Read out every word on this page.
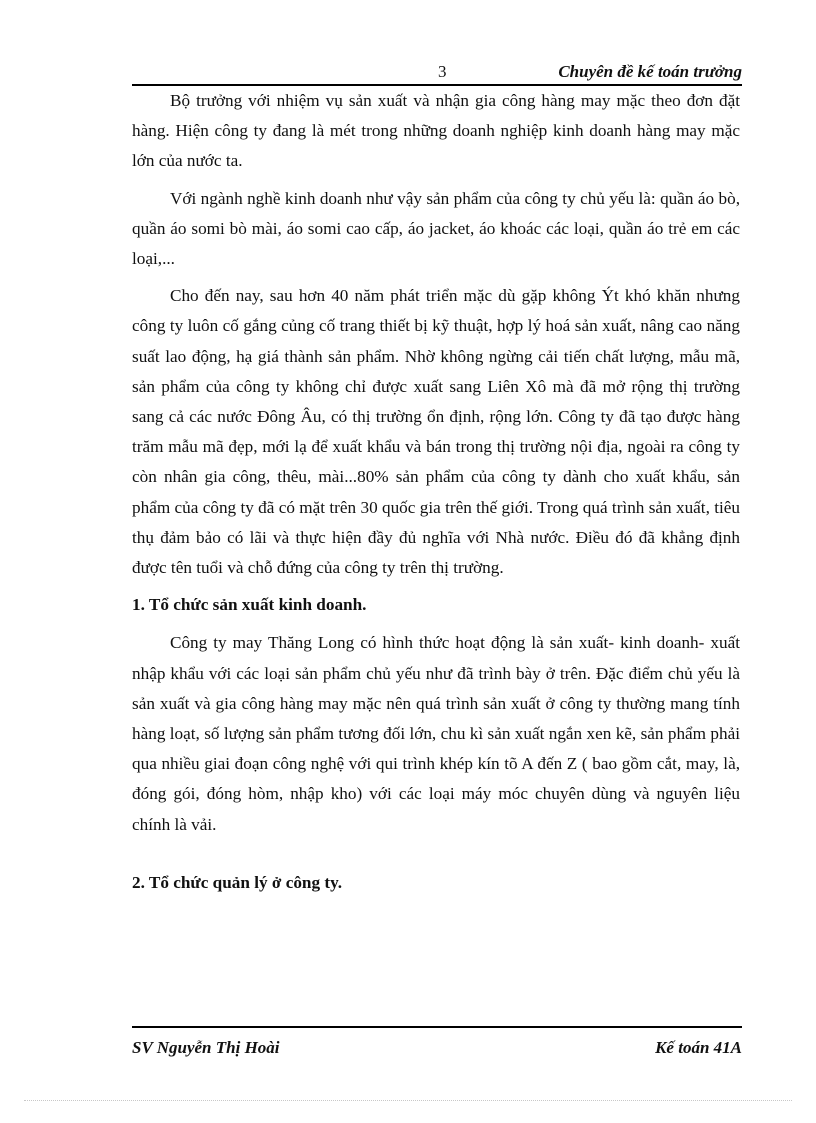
3	Chuyên đề kế toán trưởng

Bộ trưởng với nhiệm vụ sản xuất và nhận gia công hàng may mặc theo đơn đặt hàng. Hiện công ty đang là mét trong những doanh nghiệp kinh doanh hàng may mặc lớn của nước ta.

Với ngành nghề kinh doanh như vậy sản phẩm của công ty chủ yếu là: quần áo bò, quần áo somi bò mài, áo somi cao cấp, áo jacket, áo khoác các loại, quần áo trẻ em các loại,...

Cho đến nay, sau hơn 40 năm phát triển mặc dù gặp không Ýt khó khăn nhưng công ty luôn cố gắng củng cố trang thiết bị kỹ thuật, hợp lý hoá sản xuất, nâng cao năng suất lao động, hạ giá thành sản phẩm. Nhờ không ngừng cải tiến chất lượng, mẫu mã, sản phẩm của công ty không chỉ được xuất sang Liên Xô mà đã mở rộng thị trường sang cả các nước Đông Âu, có thị trường ổn định, rộng lớn. Công ty đã tạo được hàng trăm mẫu mã đẹp, mới lạ để xuất khẩu và bán trong thị trường nội địa, ngoài ra công ty còn nhân gia công, thêu, mài...80% sản phẩm của công ty dành cho xuất khẩu, sản phẩm của công ty đã có mặt trên 30 quốc gia trên thế giới. Trong quá trình sản xuất, tiêu thụ đảm bảo có lãi và thực hiện đầy đủ nghĩa với Nhà nước. Điều đó đã khẳng định được tên tuổi và chỗ đứng của công ty trên thị trường.

1. Tổ chức sản xuất kinh doanh.

Công ty may Thăng Long có hình thức hoạt động là sản xuất- kinh doanh- xuất nhập khẩu với các loại sản phẩm chủ yếu như đã trình bày ở trên. Đặc điểm chủ yếu là sản xuất và gia công hàng may mặc nên quá trình sản xuất ở công ty thường mang tính hàng loạt, số lượng sản phẩm tương đối lớn, chu kì sản xuất ngắn xen kẽ, sản phẩm phải qua nhiều giai đoạn công nghệ với qui trình khép kín tõ A đến Z ( bao gồm cắt, may, là, đóng gói, đóng hòm, nhập kho) với các loại máy móc chuyên dùng và nguyên liệu chính là vải.

2. Tổ chức quản lý ở công ty.
SV Nguyễn Thị Hoài	Kế toán 41A
